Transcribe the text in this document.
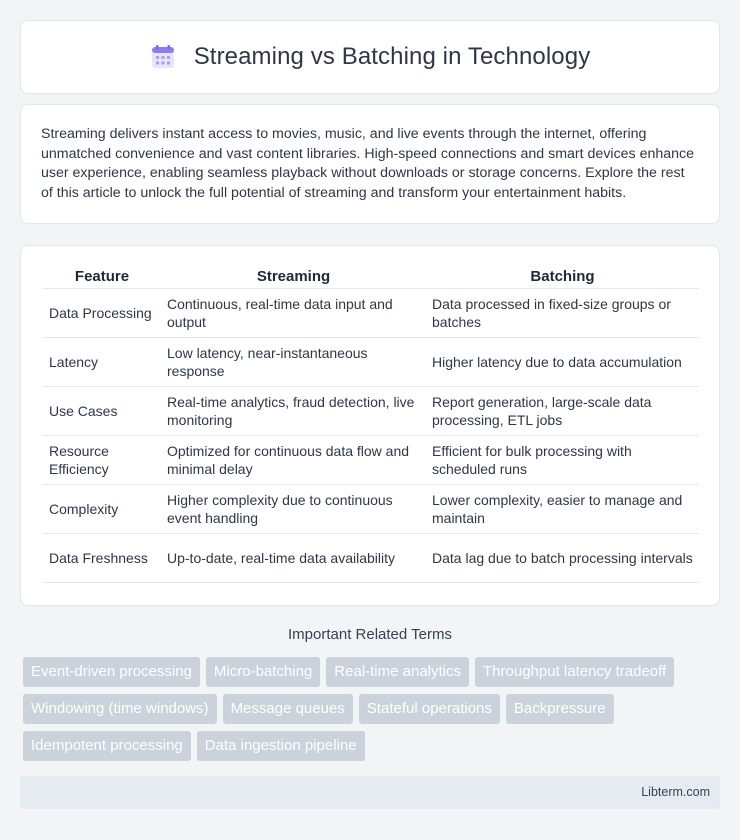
Streaming vs Batching in Technology

Streaming delivers instant access to movies, music, and live events through the internet, offering unmatched convenience and vast content libraries. High-speed connections and smart devices enhance user experience, enabling seamless playback without downloads or storage concerns. Explore the rest of this article to unlock the full potential of streaming and transform your entertainment habits.

Feature	Streaming	Batching
Data Processing	Continuous, real-time data input and output	Data processed in fixed-size groups or batches
Latency	Low latency, near-instantaneous response	Higher latency due to data accumulation
Use Cases	Real-time analytics, fraud detection, live monitoring	Report generation, large-scale data processing, ETL jobs
Resource Efficiency	Optimized for continuous data flow and minimal delay	Efficient for bulk processing with scheduled runs
Complexity	Higher complexity due to continuous event handling	Lower complexity, easier to manage and maintain
Data Freshness	Up-to-date, real-time data availability	Data lag due to batch processing intervals
Important Related Terms
Event-driven processing	Micro-batching	Real-time analytics	Throughput latency tradeoff
Windowing (time windows)	Message queues	Stateful operations	Backpressure
Idempotent processing	Data ingestion pipeline
Libterm.com
